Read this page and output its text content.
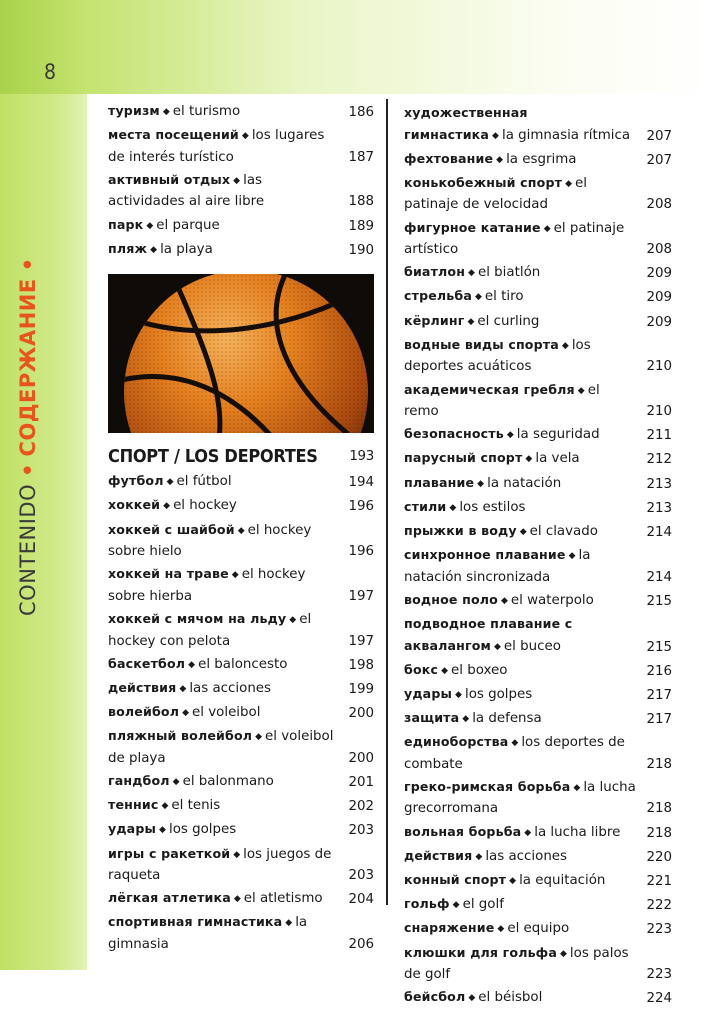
8
CONTENIDO•СОДЕРЖАНИЕ•
туризм ◆ el turismo	186
места посещений ◆ los lugares de interés turístico	187
активный отдых ◆ las actividades al aire libre	188
парк ◆ el parque	189
пляж ◆ la playa	190
СПОРТ / LOS DEPORTES 193
футбол ◆ el fútbol	194
хоккей ◆ el hockey	196
хоккей с шайбой ◆ el hockey sobre hielo	196
хоккей на траве ◆ el hockey sobre hierba	197
хоккей с мячом на льду ◆ el hockey con pelota	197
баскетбол ◆ el baloncesto	198
действия ◆ las acciones	199
волейбол ◆ el voleibol	200
пляжный волейбол ◆ el voleibol de playa	200
гандбол ◆ el balonmano	201
теннис ◆ el tenis	202
удары ◆ los golpes	203
игры с ракеткой ◆ los juegos de raqueta	203
лёгкая атлетика ◆ el atletismo 204
спортивная гимнастика ◆ la gimnasia	206
художественная гимнастика ◆ la gimnasia rítmica 207
фехтование ◆ la esgrima	207
конькобежный спорт ◆ el patinaje de velocidad	208
фигурное катание ◆ el patinaje artístico	208
биатлон ◆ el biatlón	209
стрельба ◆ el tiro	209
кёрлинг ◆ el curling	209
водные виды спорта ◆ los deportes acuáticos	210
академическая гребля ◆ el remo	210
безопасность ◆ la seguridad	211
парусный спорт ◆ la vela	212
плавание ◆ la natación	213
стили ◆ los estilos	213
прыжки в воду ◆ el clavado	214
синхронное плавание ◆ la natación sincronizada	214
водное поло ◆ el waterpolo	215
подводное плавание с аквалангом ◆ el buceo	215
бокс ◆ el boxeo	216
удары ◆ los golpes	217
защита ◆ la defensa	217
единоборства ◆ los deportes de combate	218
греко-римская борьба ◆ la lucha grecorromana	218
вольная борьба ◆ la lucha libre 218
действия ◆ las acciones	220
конный спорт ◆ la equitación	221
гольф ◆ el golf	222
снаряжение ◆ el equipo	223
клюшки для гольфа ◆ los palos de golf	223
бейсбол ◆ el béisbol	224
